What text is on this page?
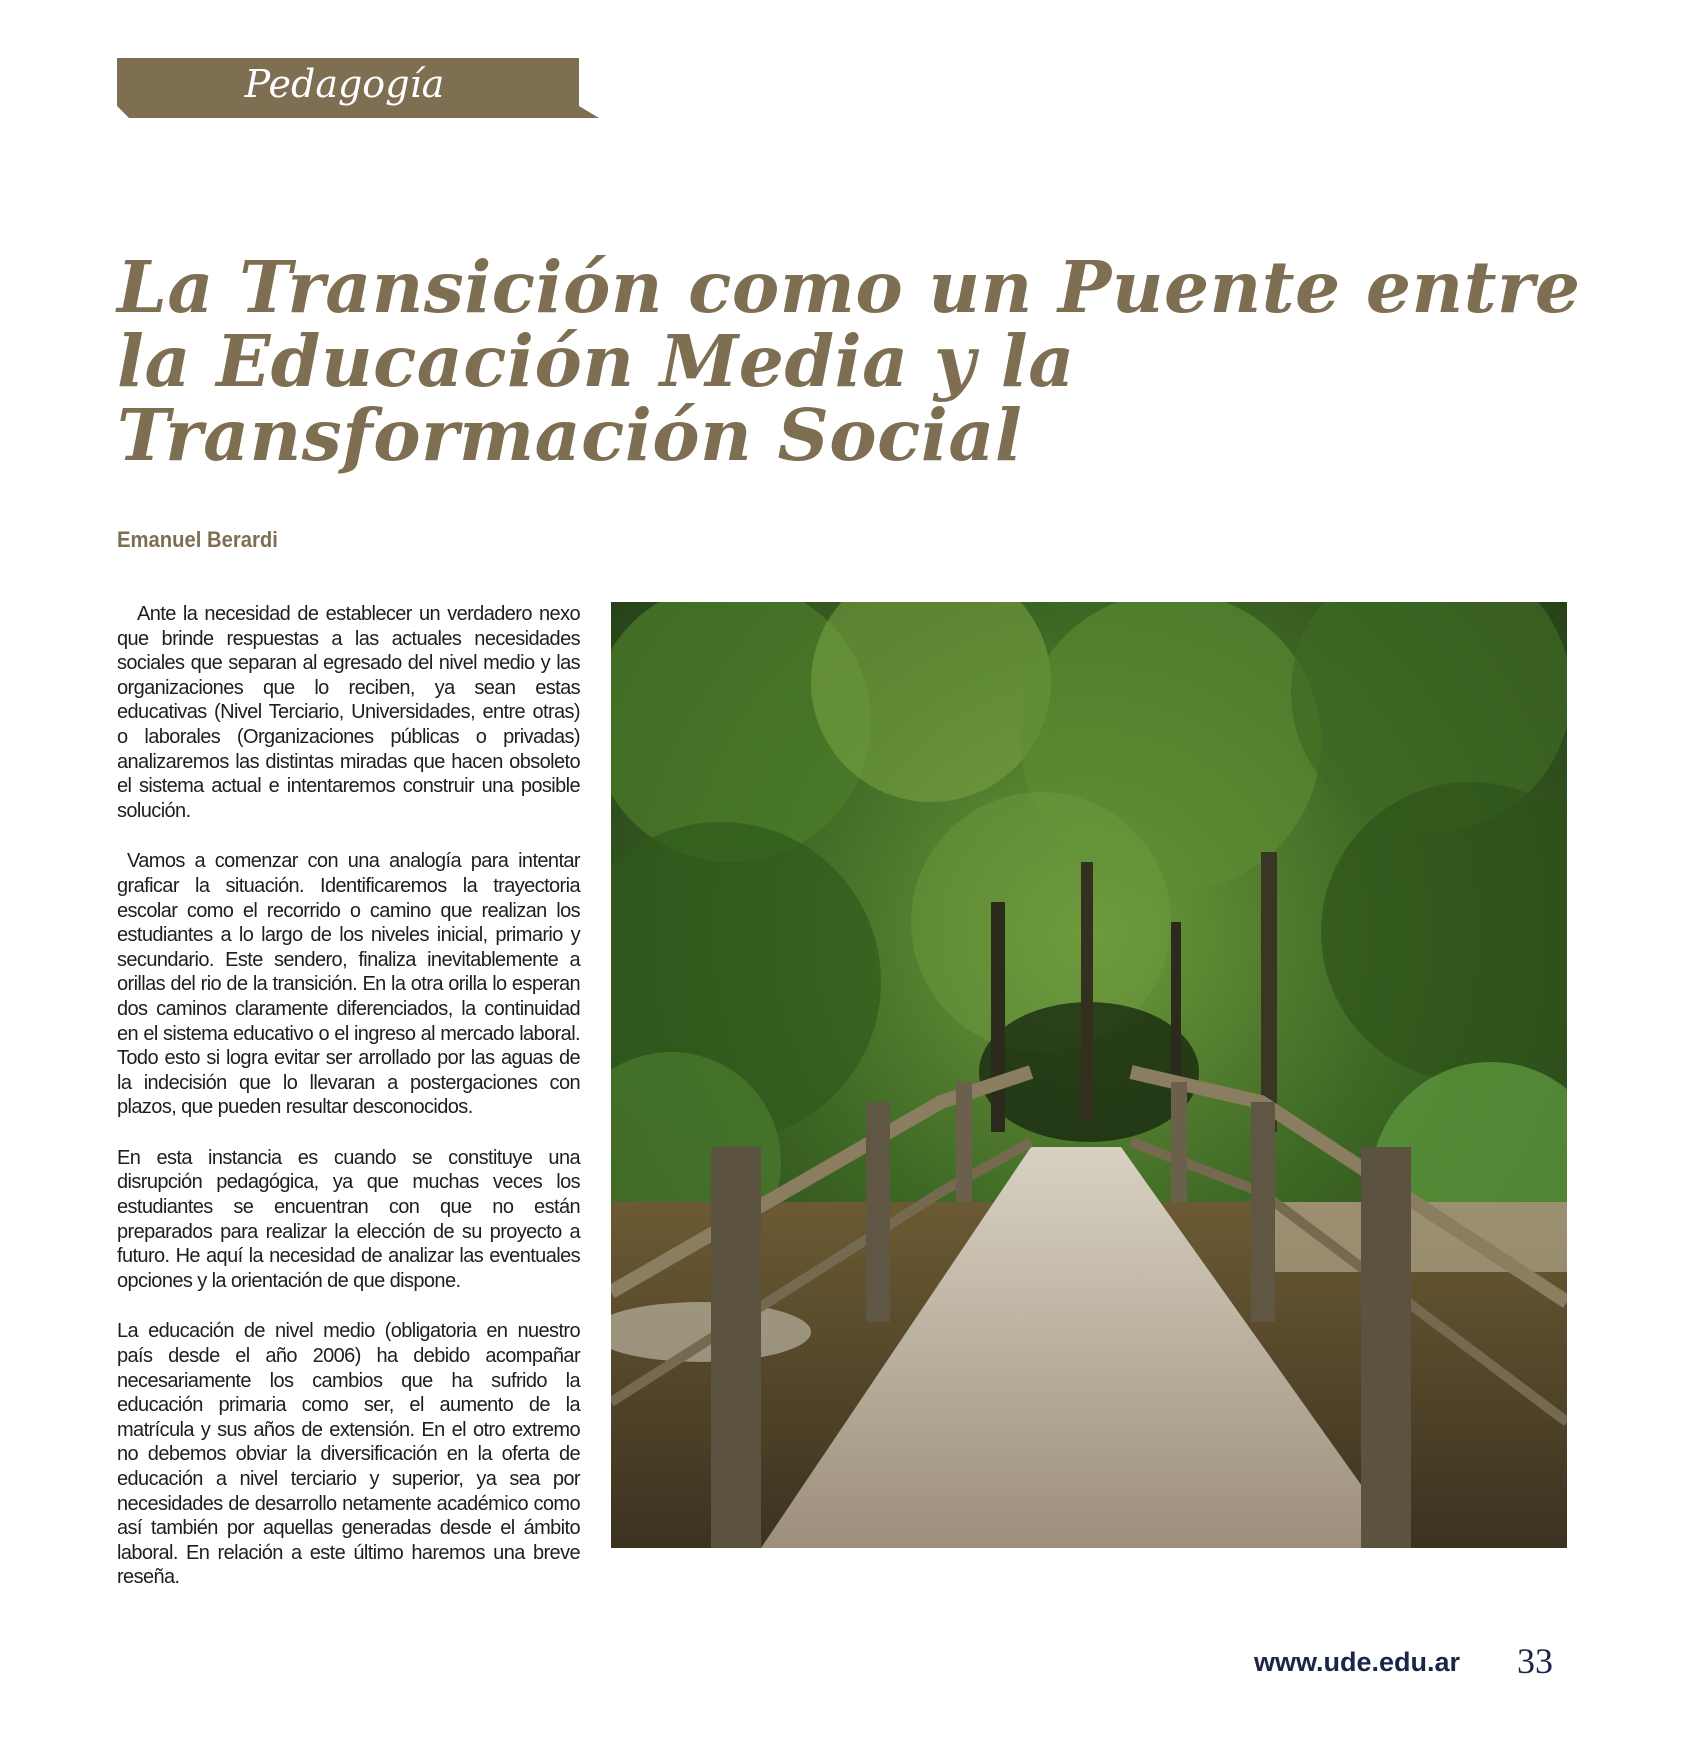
Pedagogía
La Transición como un Puente entre la Educación Media y la Transformación Social
Emanuel Berardi

Ante la necesidad de establecer un verdadero nexo que brinde respuestas a las actuales necesidades sociales que separan al egresado del nivel medio y las organizaciones que lo reciben, ya sean estas educativas (Nivel Terciario, Universidades, entre otras) o laborales (Organizaciones públicas o privadas) analizaremos las distintas miradas que hacen obsoleto el sistema actual e intentaremos construir una posible solución.

Vamos a comenzar con una analogía para intentar graficar la situación. Identificaremos la trayectoria escolar como el recorrido o camino que realizan los estudiantes a lo largo de los niveles inicial, primario y secundario. Este sendero, finaliza inevitablemente a orillas del rio de la transición. En la otra orilla lo esperan dos caminos claramente diferenciados, la continuidad en el sistema educativo o el ingreso al mercado laboral. Todo esto si logra evitar ser arrollado por las aguas de la indecisión que lo llevaran a postergaciones con plazos, que pueden resultar desconocidos.

En esta instancia es cuando se constituye una disrupción pedagógica, ya que muchas veces los estudiantes se encuentran con que no están preparados para realizar la elección de su proyecto a futuro. He aquí la necesidad de analizar las eventuales opciones y la orientación de que dispone.

La educación de nivel medio (obligatoria en nuestro país desde el año 2006) ha debido acompañar necesariamente los cambios que ha sufrido la educación primaria como ser, el aumento de la matrícula y sus años de extensión. En el otro extremo no debemos obviar la diversificación en la oferta de educación a nivel terciario y superior, ya sea por necesidades de desarrollo netamente académico como así también por aquellas generadas desde el ámbito laboral. En relación a este último haremos una breve reseña.

www.ude.edu.ar 33
